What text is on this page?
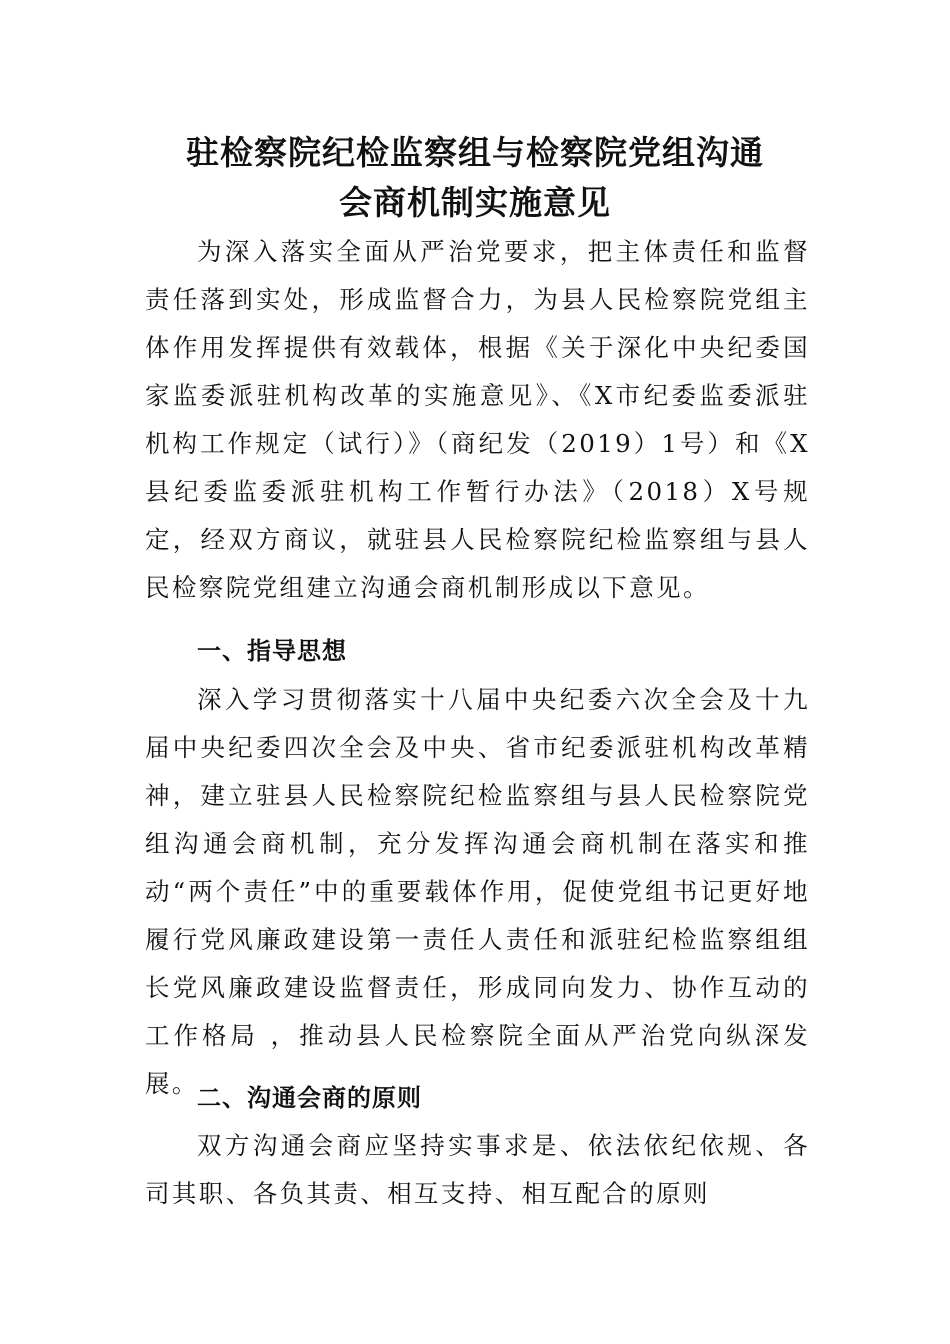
驻检察院纪检监察组与检察院党组沟通
会商机制实施意见

为深入落实全面从严治党要求，把主体责任和监督责任落到实处，形成监督合力，为县人民检察院党组主体作用发挥提供有效载体，根据《关于深化中央纪委国家监委派驻机构改革的实施意见》、《X市纪委监委派驻机构工作规定（试行）》（商纪发（2019）1号）和《X县纪委监委派驻机构工作暂行办法》（2018）X号规定，经双方商议，就驻县人民检察院纪检监察组与县人民检察院党组建立沟通会商机制形成以下意见。

一、指导思想

深入学习贯彻落实十八届中央纪委六次全会及十九届中央纪委四次全会及中央、省市纪委派驻机构改革精神，建立驻县人民检察院纪检监察组与县人民检察院党组沟通会商机制，充分发挥沟通会商机制在落实和推动“两个责任”中的重要载体作用，促使党组书记更好地履行党风廉政建设第一责任人责任和派驻纪检监察组组长党风廉政建设监督责任，形成同向发力、协作互动的工作格局 ，推动县人民检察院全面从严治党向纵深发展。

二、沟通会商的原则

双方沟通会商应坚持实事求是、依法依纪依规、各司其职、各负其责、相互支持、相互配合的原则
